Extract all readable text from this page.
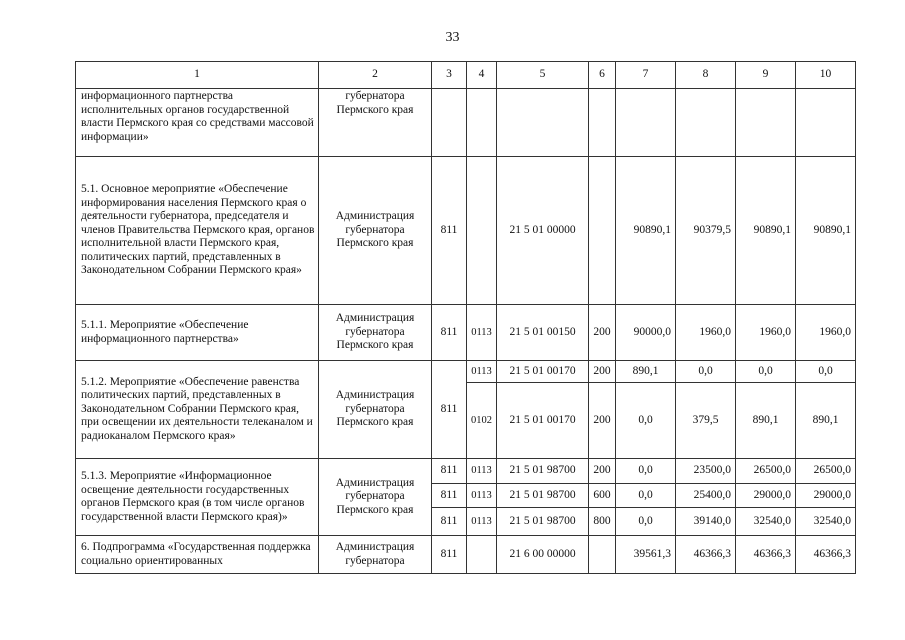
33
1	2	3	4	5	6	7	8	9	10
информационного партнерства исполнительных органов государственной власти Пермского края со средствами массовой информации»	губернатора Пермского края								
5.1. Основное мероприятие «Обеспечение информирования населения Пермского края о деятельности губернатора, председателя и членов Правительства Пермского края, органов исполнительной власти Пермского края, политических партий, представленных в Законодательном Собрании Пермского края»	Администрация губернатора Пермского края	811		21 5 01 00000		90890,1	90379,5	90890,1	90890,1
5.1.1. Мероприятие «Обеспечение информационного партнерства»	Администрация губернатора Пермского края	811	0113	21 5 01 00150	200	90000,0	1960,0	1960,0	1960,0
5.1.2. Мероприятие «Обеспечение равенства политических партий, представленных в Законодательном Собрании Пермского края, при освещении их деятельности телеканалом и радиоканалом Пермского края»	Администрация губернатора Пермского края	811	0113	21 5 01 00170	200	890,1	0,0	0,0	0,0
			0102	21 5 01 00170	200	0,0	379,5	890,1	890,1
5.1.3. Мероприятие «Информационное освещение деятельности государственных органов Пермского края (в том числе органов государственной власти Пермского края)»	Администрация губернатора Пермского края	811	0113	21 5 01 98700	200	0,0	23500,0	26500,0	26500,0
		811	0113	21 5 01 98700	600	0,0	25400,0	29000,0	29000,0
		811	0113	21 5 01 98700	800	0,0	39140,0	32540,0	32540,0
6. Подпрограмма «Государственная поддержка социально ориентированных	Администрация губернатора	811		21 6 00 00000		39561,3	46366,3	46366,3	46366,3
